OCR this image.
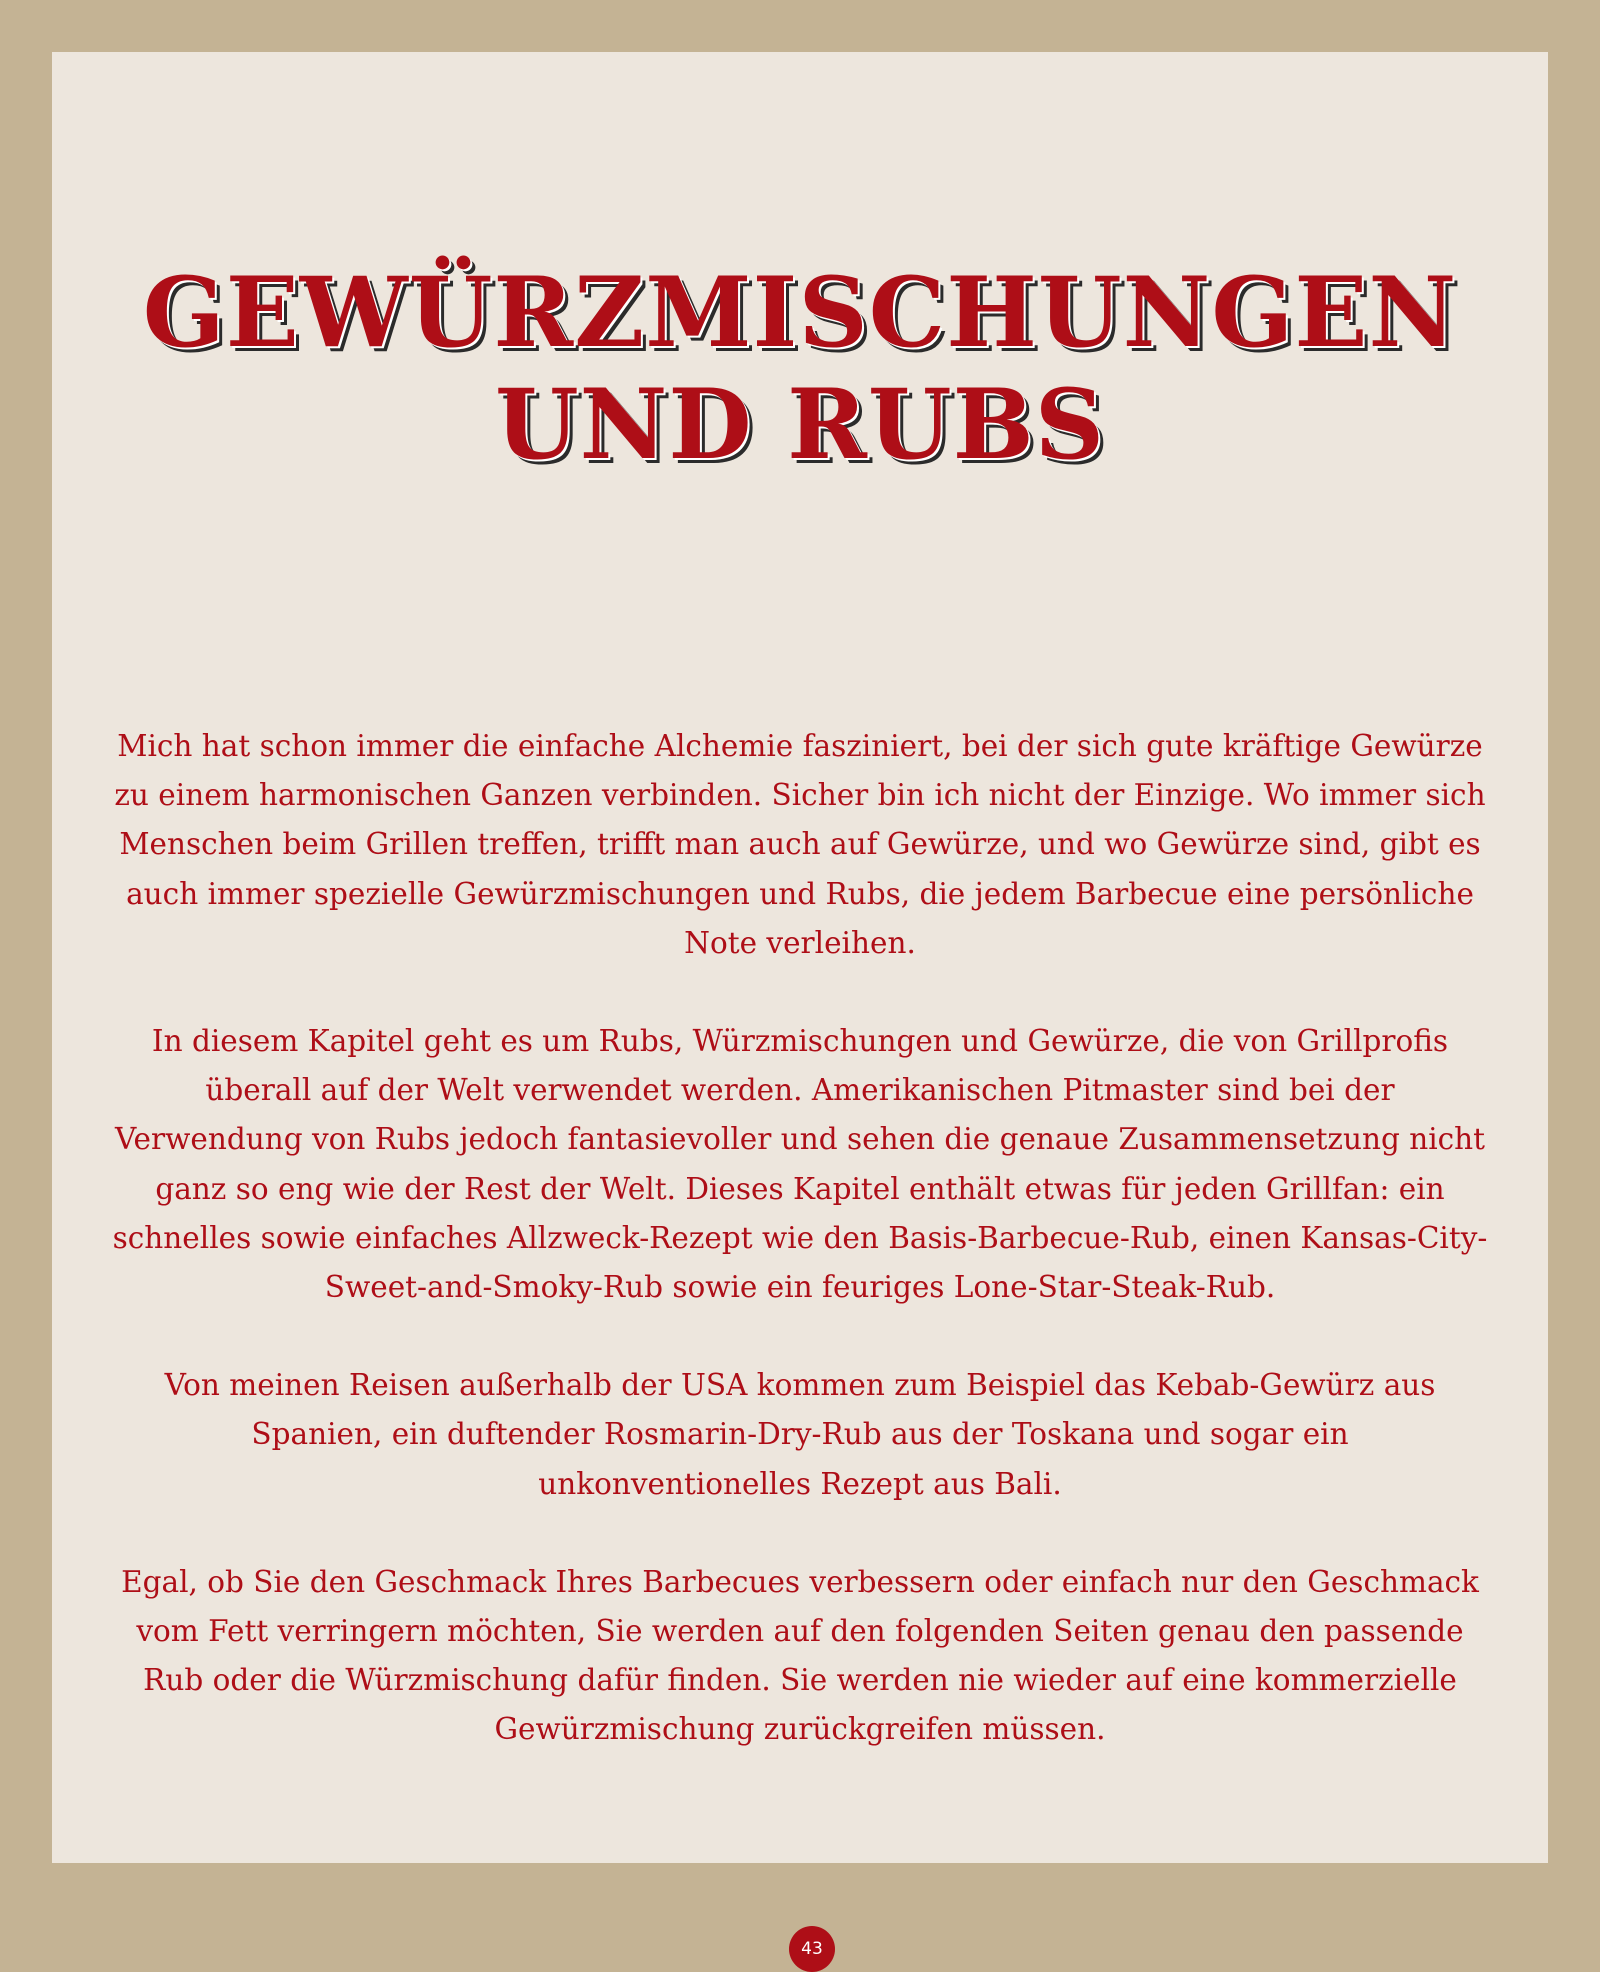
GEWÜRZMISCHUNGEN
UND RUBS

Mich hat schon immer die einfache Alchemie fasziniert, bei der sich gute kräftige Gewürze zu einem harmonischen Ganzen verbinden. Sicher bin ich nicht der Einzige. Wo immer sich Menschen beim Grillen treffen, trifft man auch auf Gewürze, und wo Gewürze sind, gibt es auch immer spezielle Gewürzmischungen und Rubs, die jedem Barbecue eine persönliche Note verleihen.

In diesem Kapitel geht es um Rubs, Würzmischungen und Gewürze, die von Grillprofis überall auf der Welt verwendet werden. Amerikanischen Pitmaster sind bei der Verwendung von Rubs jedoch fantasievoller und sehen die genaue Zusammensetzung nicht ganz so eng wie der Rest der Welt. Dieses Kapitel enthält etwas für jeden Grillfan: ein schnelles sowie einfaches Allzweck-Rezept wie den Basis-Barbecue-Rub, einen Kansas-City-Sweet-and-Smoky-Rub sowie ein feuriges Lone-Star-Steak-Rub.

Von meinen Reisen außerhalb der USA kommen zum Beispiel das Kebab-Gewürz aus Spanien, ein duftender Rosmarin-Dry-Rub aus der Toskana und sogar ein unkonventionelles Rezept aus Bali.

Egal, ob Sie den Geschmack Ihres Barbecues verbessern oder einfach nur den Geschmack vom Fett verringern möchten, Sie werden auf den folgenden Seiten genau den passende Rub oder die Würzmischung dafür finden. Sie werden nie wieder auf eine kommerzielle Gewürzmischung zurückgreifen müssen.

43
